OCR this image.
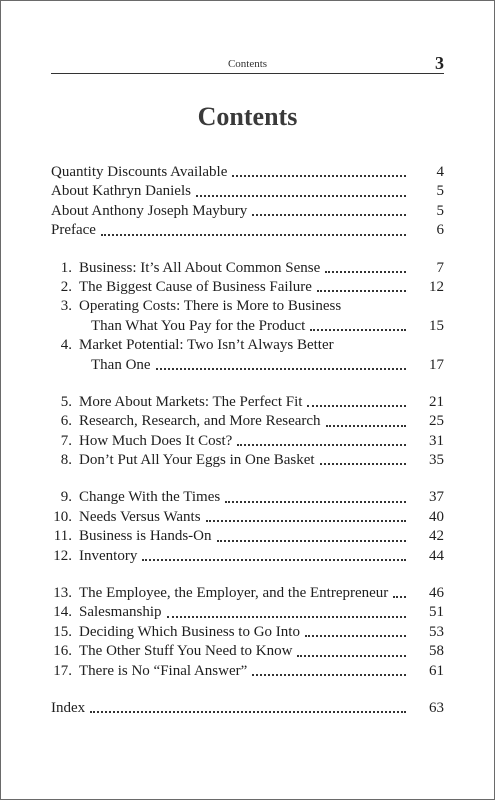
Contents	3
Contents
Quantity Discounts Available	4
About Kathryn Daniels	5
About Anthony Joseph Maybury	5
Preface	6
1. Business: It’s All About Common Sense	7
2. The Biggest Cause of Business Failure	12
3. Operating Costs: There is More to Business
Than What You Pay for the Product	15
4. Market Potential: Two Isn’t Always Better
Than One	17
5. More About Markets: The Perfect Fit	21
6. Research, Research, and More Research	25
7. How Much Does It Cost?	31
8. Don’t Put All Your Eggs in One Basket	35
9. Change With the Times	37
10. Needs Versus Wants	40
11. Business is Hands-On	42
12. Inventory	44
13. The Employee, the Employer, and the Entrepreneur	46
14. Salesmanship	51
15. Deciding Which Business to Go Into	53
16. The Other Stuff You Need to Know	58
17. There is No “Final Answer”	61
Index	63
